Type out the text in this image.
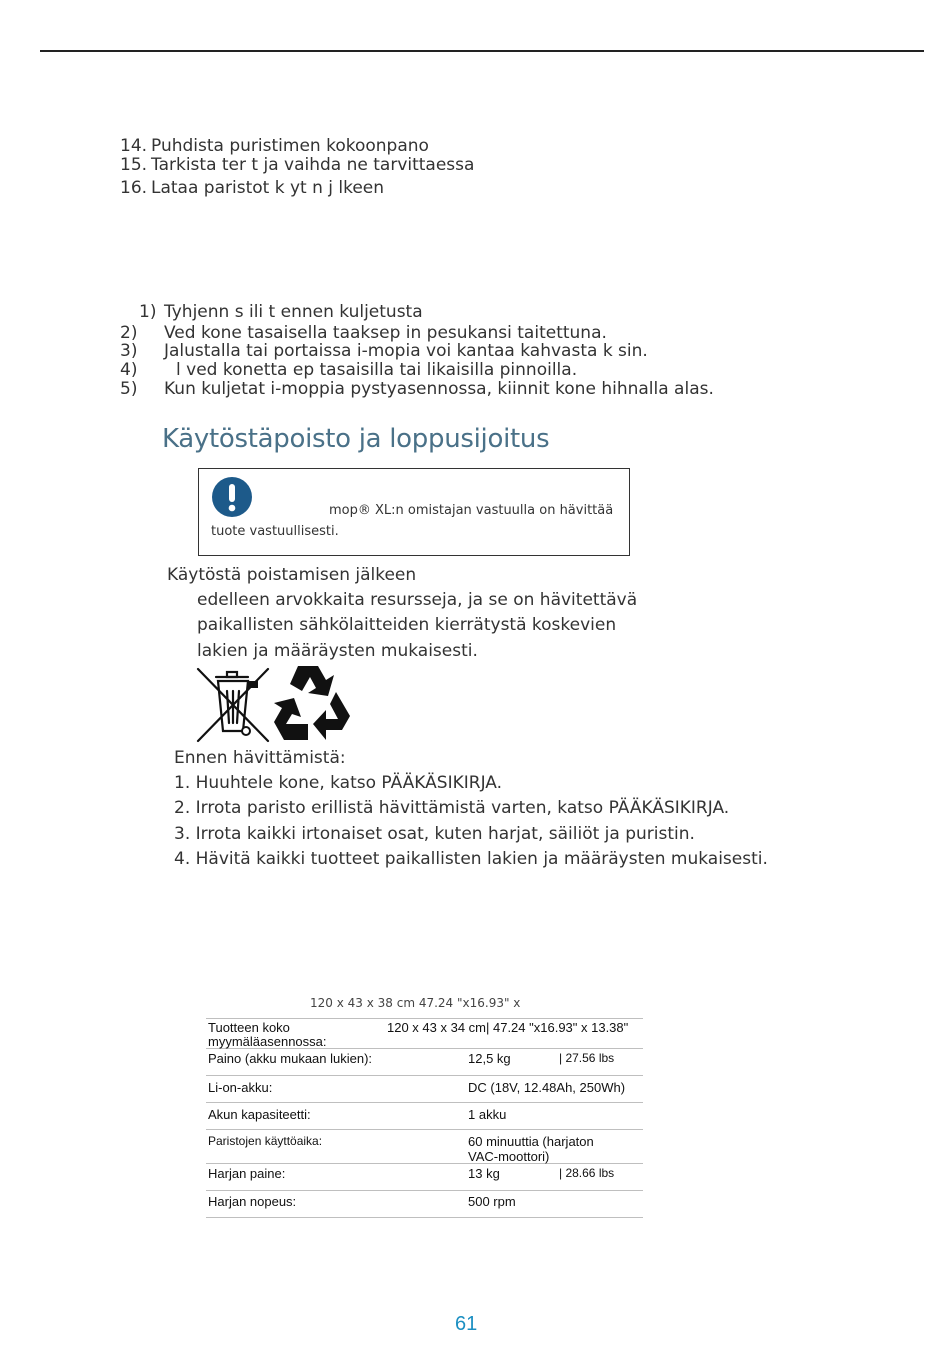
14. Puhdista puristimen kokoonpano
15. Tarkista ter t ja vaihda ne tarvittaessa
16. Lataa paristot k yt n j lkeen
1) Tyhjenn s ili t ennen kuljetusta
2) Ved kone tasaisella taaksep in pesukansi taitettuna.
3) Jalustalla tai portaissa i-mopia voi kantaa kahvasta k sin.
4) l ved konetta ep tasaisilla tai likaisilla pinnoilla.
5) Kun kuljetat i-moppia pystyasennossa, kiinnit kone hihnalla alas.
Käytöstäpoisto ja loppusijoitus
mop® XL:n omistajan vastuulla on hävittää
tuote vastuullisesti.
Käytöstä poistamisen jälkeen
edelleen arvokkaita resursseja, ja se on hävitettävä
paikallisten sähkölaitteiden kierrätystä koskevien
lakien ja määräysten mukaisesti.
Ennen hävittämistä:
1. Huuhtele kone, katso PÄÄKÄSIKIRJA.
2. Irrota paristo erillistä hävittämistä varten, katso PÄÄKÄSIKIRJA.
3. Irrota kaikki irtonaiset osat, kuten harjat, säiliöt ja puristin.
4. Hävitä kaikki tuotteet paikallisten lakien ja määräysten mukaisesti.
120 x 43 x 38 cm 47.24 "x16.93" x
Tuotteen koko
myymäläasennossa:
120 x 43 x 34 cm| 47.24 "x16.93" x 13.38"
Paino (akku mukaan lukien):	12,5 kg	| 27.56 lbs
Li-on-akku:	DC (18V, 12.48Ah, 250Wh)
Akun kapasiteetti:	1 akku
Paristojen käyttöaika:	60 minuuttia (harjaton
VAC-moottori)
Harjan paine:	13 kg	| 28.66 lbs
Harjan nopeus:	500 rpm
61
